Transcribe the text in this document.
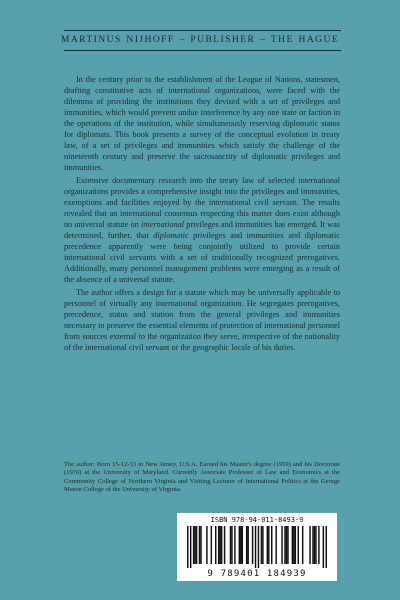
MARTINUS NIJHOFF – PUBLISHER – THE HAGUE

In the century prior to the establishment of the League of Nations, statesmen, drafting constitutive acts of international organizations, were faced with the dilemma of providing the institutions they devised with a set of privileges and immunities, which would prevent undue interference by any one state or faction in the operations of the institution, while simultaneously reserving diplomatic status for diplomats. This book presents a survey of the conceptual evolution in treaty law, of a set of privileges and immunities which satisfy the challenge of the nineteenth century and preserve the sacrosanctity of diplomatic privileges and immunities.

Extensive documentary research into the treaty law of selected international organizations provides a comprehensive insight into the privileges and immunities, exemptions and facilities enjoyed by the international civil servant. The results revealed that an international consensus respecting this matter does exist although no universal statute on international privileges and immunities has emerged. It was determined, further, that diplomatic privileges and immunities and diplomatic precedence apparently were being conjointly utilized to provide certain international civil servants with a set of traditionally recognized prerogatives. Additionally, many personnel management problems were emerging as a result of the absence of a universal statute.

The author offers a design for a statute which may be universally applicable to personnel of virtually any international organization. He segregates prerogatives, precedence, status and station from the general privileges and immunities necessary to preserve the essential elements of protection of international personnel from sources external to the organization they serve, irrespective of the nationality of the international civil servant or the geographic locale of his duties.

The author: Born 15-12-33 in New Jersey, U.S.A. Earned his Master's degree (1959) and his Doctorate (1970) at the University of Maryland. Currently Associate Professor of Law and Economics at the Community College of Northern Virginia and Visiting Lecturer of International Politics at the George Mason College of the University of Virginia.

ISBN 978-94-011-8493-9
9 789401 184939
